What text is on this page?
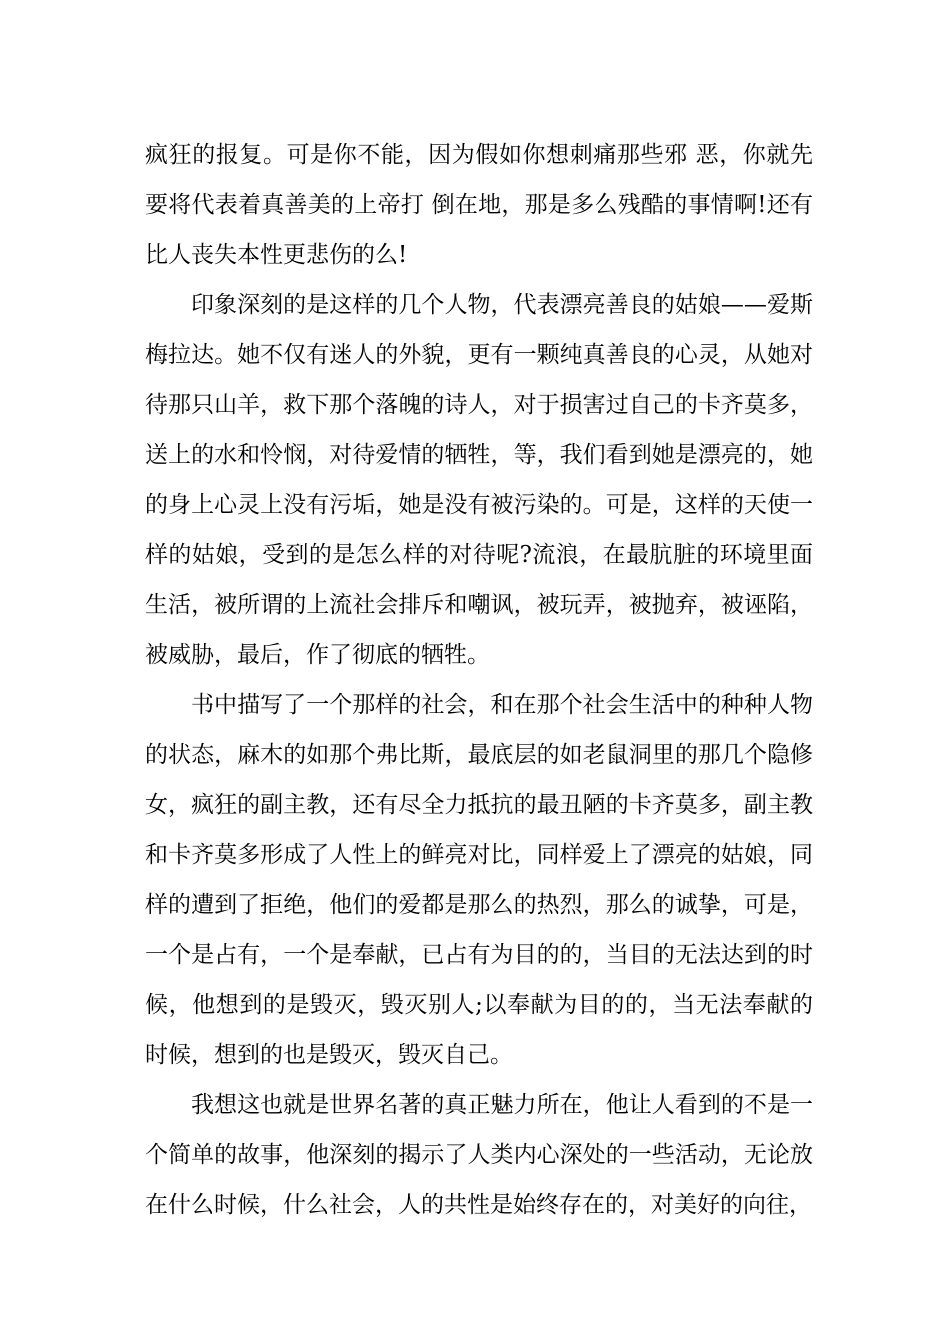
疯狂的报复。可是你不能，因为假如你想刺痛那些邪 恶，你就先要将代表着真善美的上帝打 倒在地，那是多么残酷的事情啊!还有比人丧失本性更悲伤的么!

印象深刻的是这样的几个人物，代表漂亮善良的姑娘——爱斯梅拉达。她不仅有迷人的外貌，更有一颗纯真善良的心灵，从她对待那只山羊，救下那个落魄的诗人，对于损害过自己的卡齐莫多，送上的水和怜悯，对待爱情的牺牲，等，我们看到她是漂亮的，她的身上心灵上没有污垢，她是没有被污染的。可是，这样的天使一样的姑娘，受到的是怎么样的对待呢?流浪，在最肮脏的环境里面生活，被所谓的上流社会排斥和嘲讽，被玩弄，被抛弃，被诬陷，被威胁，最后，作了彻底的牺牲。

书中描写了一个那样的社会，和在那个社会生活中的种种人物的状态，麻木的如那个弗比斯，最底层的如老鼠洞里的那几个隐修女，疯狂的副主教，还有尽全力抵抗的最丑陋的卡齐莫多，副主教和卡齐莫多形成了人性上的鲜亮对比，同样爱上了漂亮的姑娘，同样的遭到了拒绝，他们的爱都是那么的热烈，那么的诚挚，可是，一个是占有，一个是奉献，已占有为目的的，当目的无法达到的时候，他想到的是毁灭，毁灭别人;以奉献为目的的，当无法奉献的时候，想到的也是毁灭，毁灭自己。

我想这也就是世界名著的真正魅力所在，他让人看到的不是一个简单的故事，他深刻的揭示了人类内心深处的一些活动，无论放在什么时候，什么社会，人的共性是始终存在的，对美好的向往，
